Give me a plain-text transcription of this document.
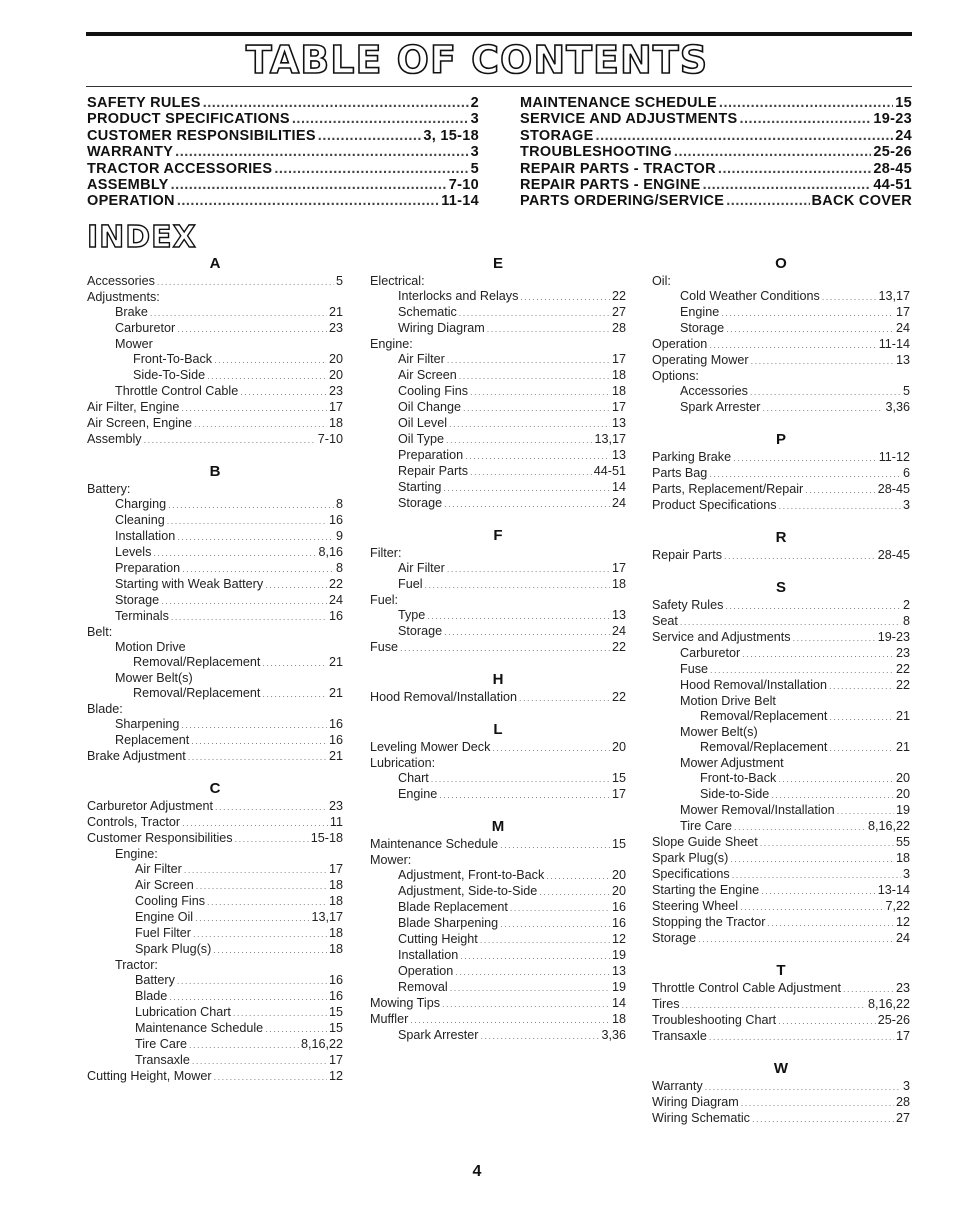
TABLE OF CONTENTS
SAFETY RULES .....	2
PRODUCT SPECIFICATIONS .....	3
CUSTOMER RESPONSIBILITIES .....	3, 15-18
WARRANTY .....	3
TRACTOR ACCESSORIES .....	5
ASSEMBLY .....	7-10
OPERATION .....	11-14
MAINTENANCE SCHEDULE .....	15
SERVICE AND ADJUSTMENTS .....	19-23
STORAGE .....	24
TROUBLESHOOTING .....	25-26
REPAIR PARTS - TRACTOR .....	28-45
REPAIR PARTS - ENGINE .....	44-51
PARTS ORDERING/SERVICE .....	BACK COVER
INDEX
A
Accessories .....	5
Adjustments:
Brake .....	21
Carburetor .....	23
Mower
Front-To-Back .....	20
Side-To-Side .....	20
Throttle Control Cable .....	23
Air Filter, Engine .....	17
Air Screen, Engine .....	18
Assembly .....	7-10
B
Battery:
Charging .....	8
Cleaning .....	16
Installation .....	9
Levels .....	8,16
Preparation .....	8
Starting with Weak Battery .....	22
Storage .....	24
Terminals .....	16
Belt:
Motion Drive
Removal/Replacement .....	21
Mower Belt(s)
Removal/Replacement .....	21
Blade:
Sharpening .....	16
Replacement .....	16
Brake Adjustment .....	21
C
Carburetor Adjustment .....	23
Controls, Tractor .....	11
Customer Responsibilities .....	15-18
Engine:
Air Filter .....	17
Air Screen .....	18
Cooling Fins .....	18
Engine Oil .....	13,17
Fuel Filter .....	18
Spark Plug(s) .....	18
Tractor:
Battery .....	16
Blade .....	16
Lubrication Chart .....	15
Maintenance Schedule .....	15
Tire Care .....	8,16,22
Transaxle .....	17
Cutting Height, Mower .....	12
E
Electrical:
Interlocks and Relays .....	22
Schematic .....	27
Wiring Diagram .....	28
Engine:
Air Filter .....	17
Air Screen .....	18
Cooling Fins .....	18
Oil Change .....	17
Oil Level .....	13
Oil Type .....	13,17
Preparation .....	13
Repair Parts .....	44-51
Starting .....	14
Storage .....	24
F
Filter:
Air Filter .....	17
Fuel .....	18
Fuel:
Type .....	13
Storage .....	24
Fuse .....	22
H
Hood Removal/Installation .....	22
L
Leveling Mower Deck .....	20
Lubrication:
Chart .....	15
Engine .....	17
M
Maintenance Schedule .....	15
Mower:
Adjustment, Front-to-Back .....	20
Adjustment, Side-to-Side .....	20
Blade Replacement .....	16
Blade Sharpening .....	16
Cutting Height .....	12
Installation .....	19
Operation .....	13
Removal .....	19
Mowing Tips .....	14
Muffler .....	18
Spark Arrester .....	3,36
O
Oil:
Cold Weather Conditions .....	13,17
Engine .....	17
Storage .....	24
Operation .....	11-14
Operating Mower .....	13
Options:
Accessories .....	5
Spark Arrester .....	3,36
P
Parking Brake .....	11-12
Parts Bag .....	6
Parts, Replacement/Repair .....	28-45
Product Specifications .....	3
R
Repair Parts .....	28-45
S
Safety Rules .....	2
Seat .....	8
Service and Adjustments .....	19-23
Carburetor .....	23
Fuse .....	22
Hood Removal/Installation .....	22
Motion Drive Belt
Removal/Replacement .....	21
Mower Belt(s)
Removal/Replacement .....	21
Mower Adjustment
Front-to-Back .....	20
Side-to-Side .....	20
Mower Removal/Installation .....	19
Tire Care .....	8,16,22
Slope Guide Sheet .....	55
Spark Plug(s) .....	18
Specifications .....	3
Starting the Engine .....	13-14
Steering Wheel .....	7,22
Stopping the Tractor .....	12
Storage .....	24
T
Throttle Control Cable Adjustment .....	23
Tires .....	8,16,22
Troubleshooting Chart .....	25-26
Transaxle .....	17
W
Warranty .....	3
Wiring Diagram .....	28
Wiring Schematic .....	27
4
